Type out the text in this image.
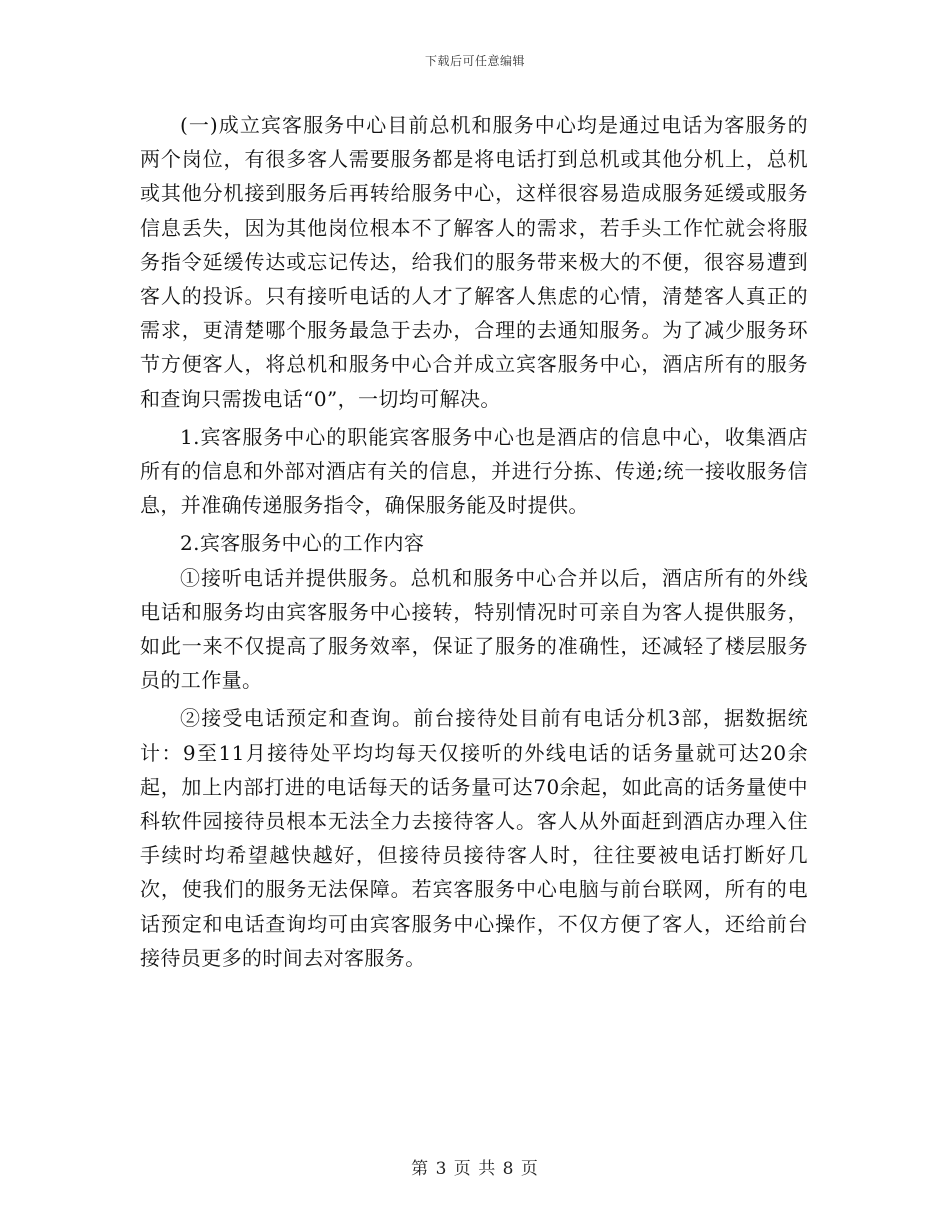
下载后可任意编辑

(一)成立宾客服务中心目前总机和服务中心均是通过电话为客服务的两个岗位，有很多客人需要服务都是将电话打到总机或其他分机上，总机或其他分机接到服务后再转给服务中心，这样很容易造成服务延缓或服务信息丢失，因为其他岗位根本不了解客人的需求，若手头工作忙就会将服务指令延缓传达或忘记传达，给我们的服务带来极大的不便，很容易遭到客人的投诉。只有接听电话的人才了解客人焦虑的心情，清楚客人真正的需求，更清楚哪个服务最急于去办，合理的去通知服务。为了减少服务环节方便客人，将总机和服务中心合并成立宾客服务中心，酒店所有的服务和查询只需拨电话“0”，一切均可解决。

1.宾客服务中心的职能宾客服务中心也是酒店的信息中心，收集酒店所有的信息和外部对酒店有关的信息，并进行分拣、传递;统一接收服务信息，并准确传递服务指令，确保服务能及时提供。

2.宾客服务中心的工作内容

①接听电话并提供服务。总机和服务中心合并以后，酒店所有的外线电话和服务均由宾客服务中心接转，特别情况时可亲自为客人提供服务，如此一来不仅提高了服务效率，保证了服务的准确性，还减轻了楼层服务员的工作量。

②接受电话预定和查询。前台接待处目前有电话分机3部，据数据统计：9至11月接待处平均均每天仅接听的外线电话的话务量就可达20余起，加上内部打进的电话每天的话务量可达70余起，如此高的话务量使中科软件园接待员根本无法全力去接待客人。客人从外面赶到酒店办理入住手续时均希望越快越好，但接待员接待客人时，往往要被电话打断好几次，使我们的服务无法保障。若宾客服务中心电脑与前台联网，所有的电话预定和电话查询均可由宾客服务中心操作，不仅方便了客人，还给前台接待员更多的时间去对客服务。

第 3 页 共 8 页
